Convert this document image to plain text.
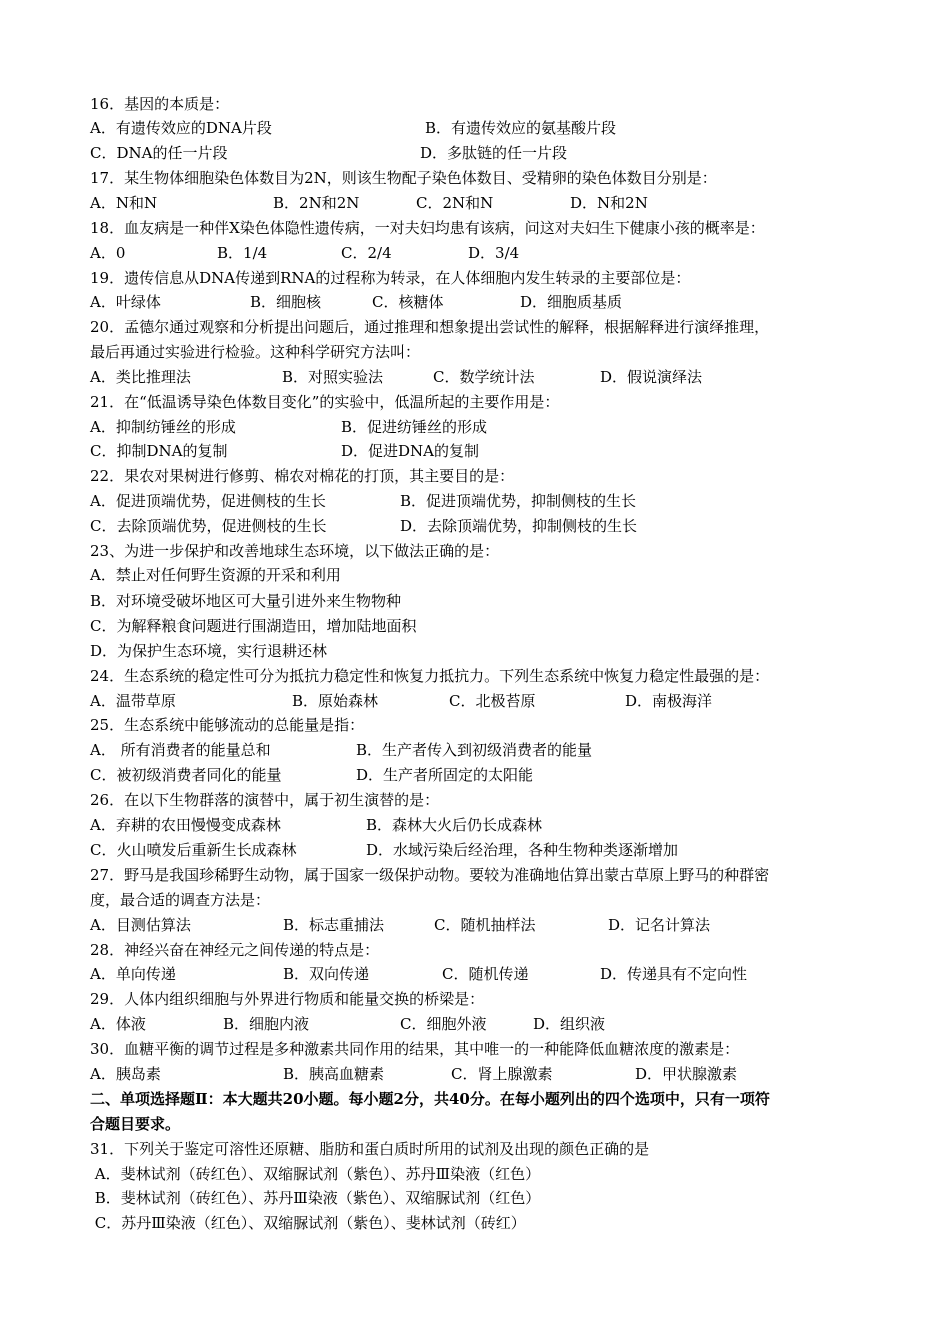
16．基因的本质是：
A．有遗传效应的DNA片段	B．有遗传效应的氨基酸片段
C．DNA的任一片段	D．多肽链的任一片段
17．某生物体细胞染色体数目为2N，则该生物配子染色体数目、受精卵的染色体数目分别是：
A．N和N	B．2N和2N	C．2N和N	D．N和2N
18．血友病是一种伴X染色体隐性遗传病，一对夫妇均患有该病，问这对夫妇生下健康小孩的概率是：
A．0	B．1/4	C．2/4	D．3/4
19．遗传信息从DNA传递到RNA的过程称为转录，在人体细胞内发生转录的主要部位是：
A．叶绿体	B．细胞核	C．核糖体	D．细胞质基质
20．孟德尔通过观察和分析提出问题后，通过推理和想象提出尝试性的解释，根据解释进行演绎推理，
最后再通过实验进行检验。这种科学研究方法叫：
A．类比推理法	B．对照实验法	C．数学统计法	D．假说演绎法
21．在“低温诱导染色体数目变化”的实验中，低温所起的主要作用是：
A．抑制纺锤丝的形成	B．促进纺锤丝的形成
C．抑制DNA的复制	D．促进DNA的复制
22．果农对果树进行修剪、棉农对棉花的打顶，其主要目的是：
A．促进顶端优势，促进侧枝的生长	B．促进顶端优势，抑制侧枝的生长
C．去除顶端优势，促进侧枝的生长	D．去除顶端优势，抑制侧枝的生长
23、为进一步保护和改善地球生态环境，以下做法正确的是：
A．禁止对任何野生资源的开采和利用
B．对环境受破坏地区可大量引进外来生物物种
C．为解释粮食问题进行围湖造田，增加陆地面积
D．为保护生态环境，实行退耕还林
24．生态系统的稳定性可分为抵抗力稳定性和恢复力抵抗力。下列生态系统中恢复力稳定性最强的是：
A．温带草原	B．原始森林	C．北极苔原	D．南极海洋
25．生态系统中能够流动的总能量是指：
A． 所有消费者的能量总和	B．生产者传入到初级消费者的能量
C．被初级消费者同化的能量	D．生产者所固定的太阳能
26．在以下生物群落的演替中，属于初生演替的是：
A．弃耕的农田慢慢变成森林	B．森林大火后仍长成森林
C．火山喷发后重新生长成森林	D．水域污染后经治理，各种生物种类逐渐增加
27．野马是我国珍稀野生动物，属于国家一级保护动物。要较为准确地估算出蒙古草原上野马的种群密
度，最合适的调查方法是：
A．目测估算法	B．标志重捕法	C．随机抽样法	D．记名计算法
28．神经兴奋在神经元之间传递的特点是：
A．单向传递	B．双向传递	C．随机传递	D．传递具有不定向性
29．人体内组织细胞与外界进行物质和能量交换的桥梁是：
A．体液	B．细胞内液	C．细胞外液	D．组织液
30．血糖平衡的调节过程是多种激素共同作用的结果，其中唯一的一种能降低血糖浓度的激素是：
A．胰岛素	B．胰高血糖素	C．肾上腺激素	D．甲状腺激素
二、单项选择题Ⅱ：本大题共20小题。每小题2分，共40分。在每小题列出的四个选项中，只有一项符
合题目要求。
31．下列关于鉴定可溶性还原糖、脂肪和蛋白质时所用的试剂及出现的颜色正确的是
A．斐林试剂（砖红色）、双缩脲试剂（紫色）、苏丹Ⅲ染液（红色）
B．斐林试剂（砖红色）、苏丹Ⅲ染液（紫色）、双缩脲试剂（红色）
C．苏丹Ⅲ染液（红色）、双缩脲试剂（紫色）、斐林试剂（砖红）
